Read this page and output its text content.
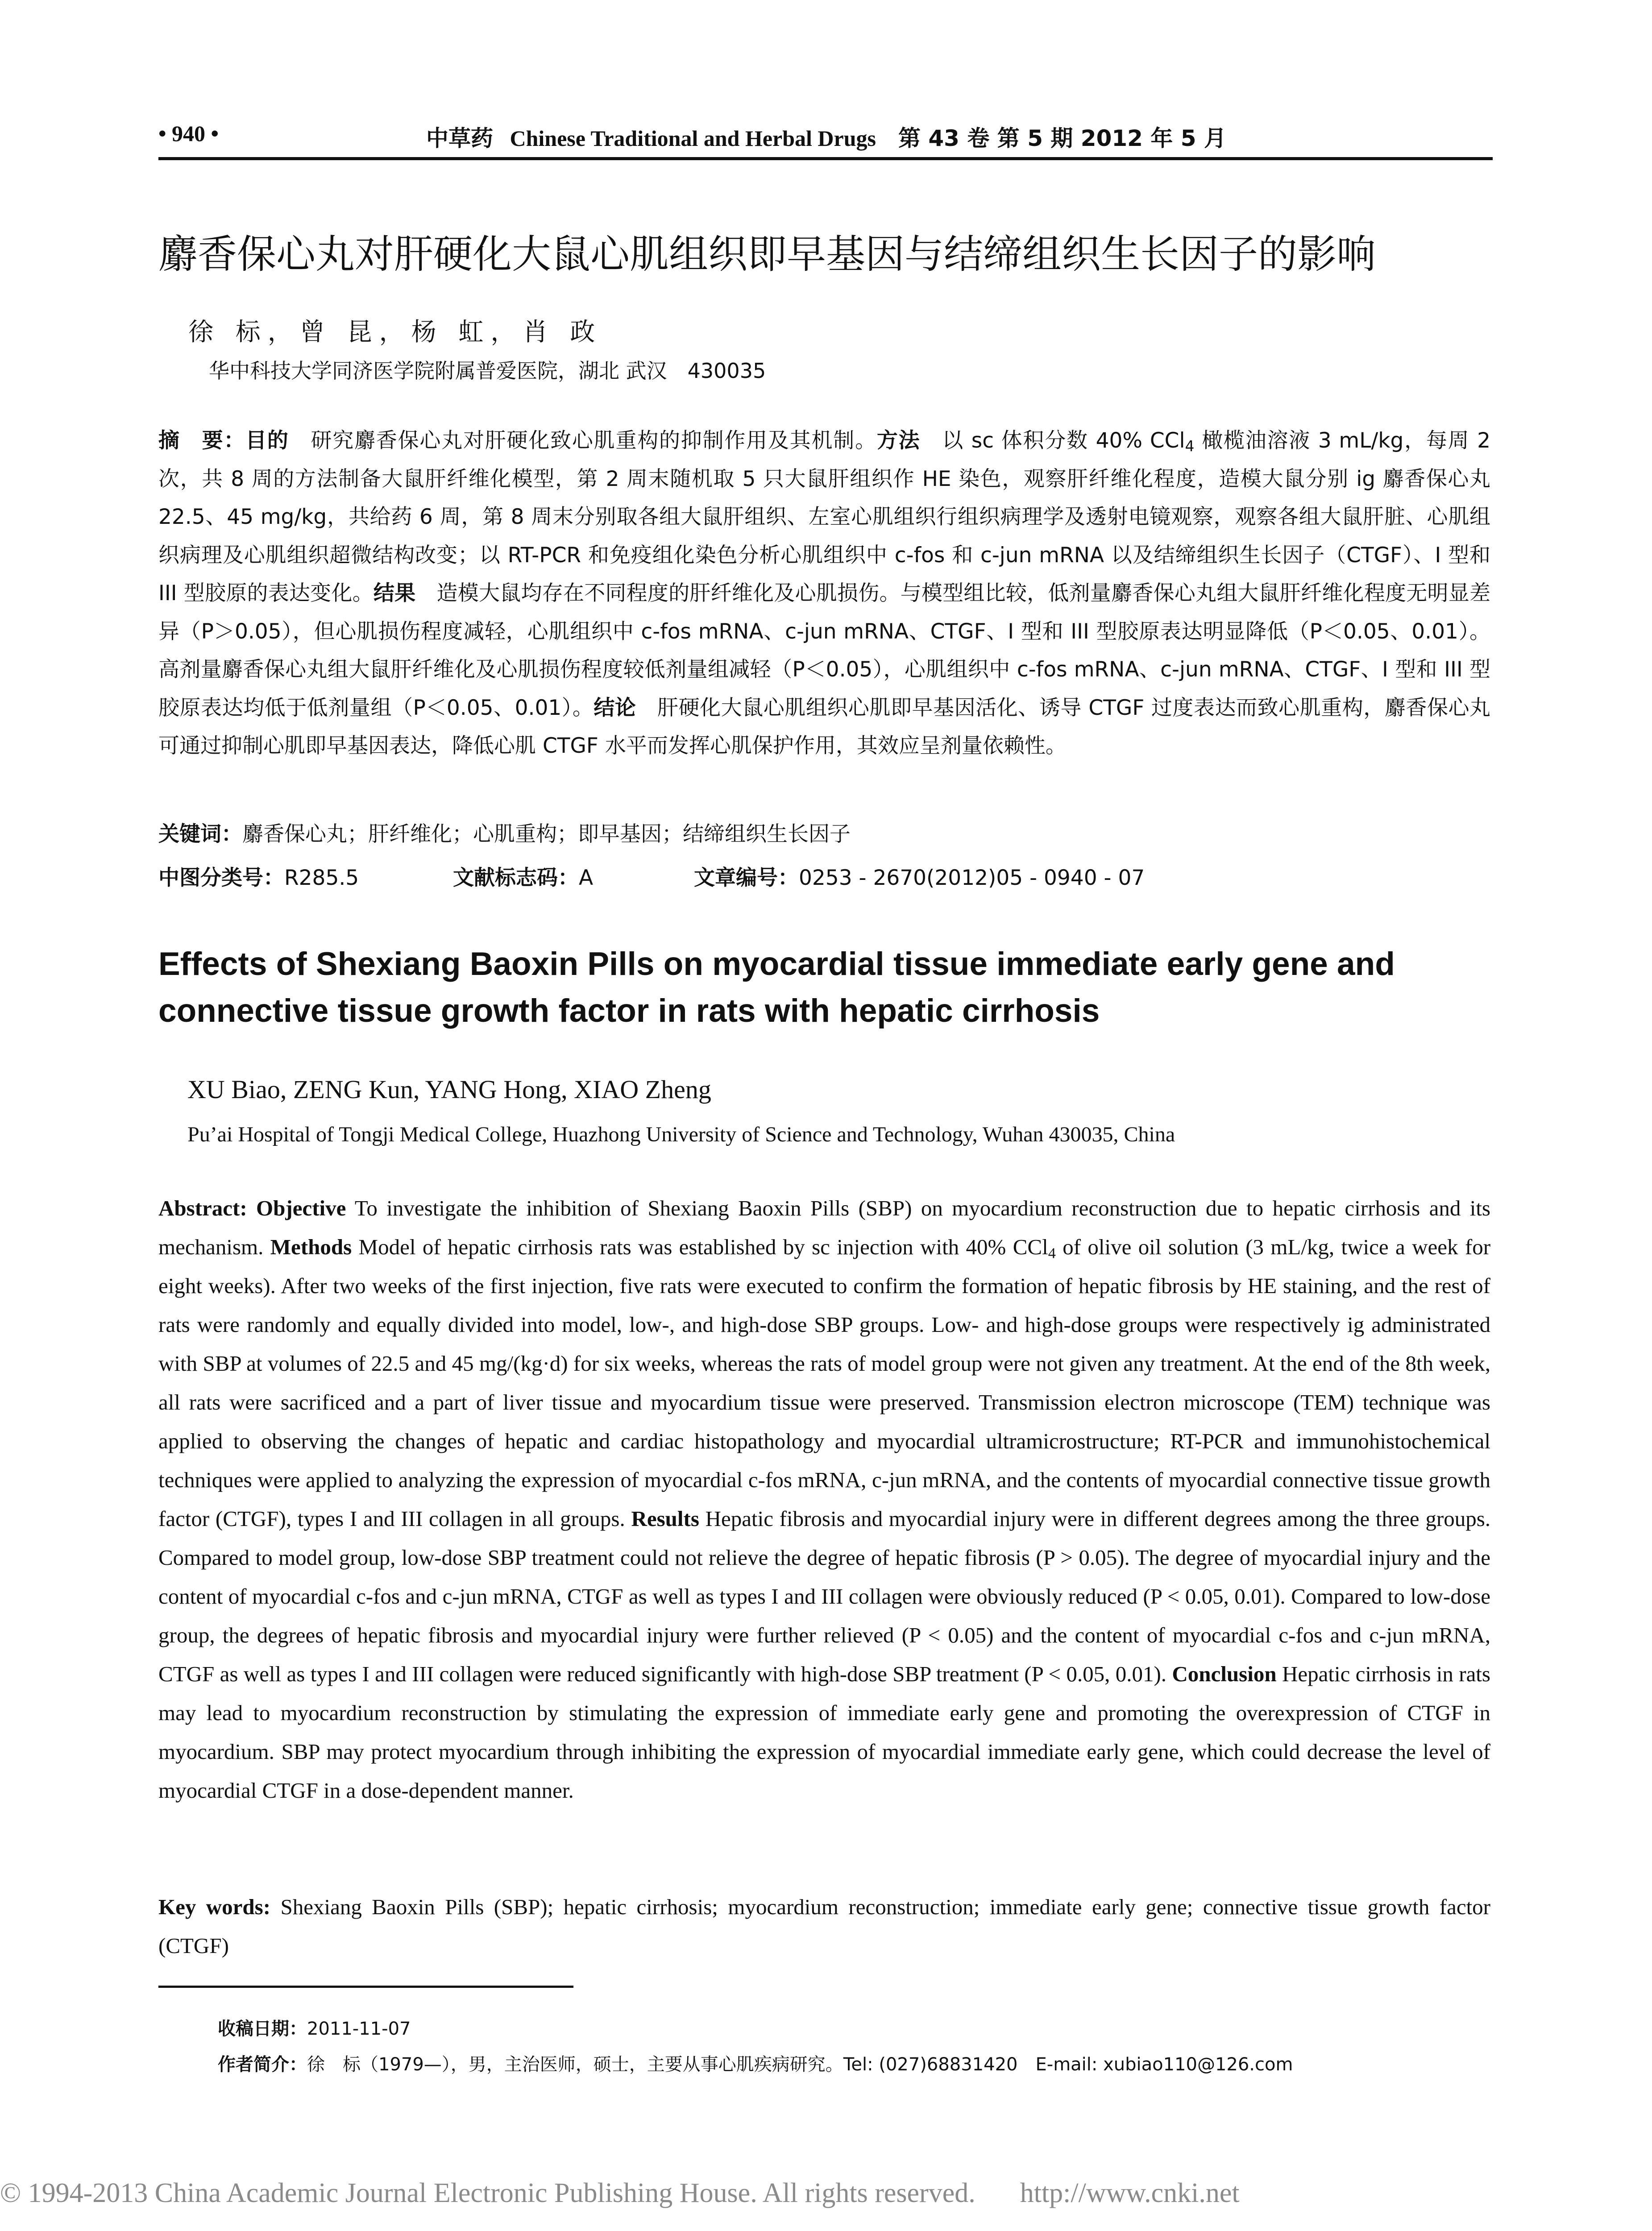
• 940 •	中草药 Chinese Traditional and Herbal Drugs 第 43 卷 第 5 期 2012 年 5 月
麝香保心丸对肝硬化大鼠心肌组织即早基因与结缔组织生长因子的影响
徐 标，曾 昆，杨 虹，肖 政
华中科技大学同济医学院附属普爱医院，湖北 武汉　430035
摘　要：目的　研究麝香保心丸对肝硬化致心肌重构的抑制作用及其机制。方法　以 sc 体积分数 40% CCl$_4$ 橄榄油溶液 3 mL/kg，每周 2 次，共 8 周的方法制备大鼠肝纤维化模型，第 2 周末随机取 5 只大鼠肝组织作 HE 染色，观察肝纤维化程度，造模大鼠分别 ig 麝香保心丸 22.5、45 mg/kg，共给药 6 周，第 8 周末分别取各组大鼠肝组织、左室心肌组织行组织病理学及透射电镜观察，观察各组大鼠肝脏、心肌组织病理及心肌组织超微结构改变；以 RT-PCR 和免疫组化染色分析心肌组织中 c-fos 和 c-jun mRNA 以及结缔组织生长因子（CTGF）、I 型和 III 型胶原的表达变化。结果　造模大鼠均存在不同程度的肝纤维化及心肌损伤。与模型组比较，低剂量麝香保心丸组大鼠肝纤维化程度无明显差异（P＞0.05），但心肌损伤程度减轻，心肌组织中 c-fos mRNA、c-jun mRNA、CTGF、I 型和 III 型胶原表达明显降低（P＜0.05、0.01）。高剂量麝香保心丸组大鼠肝纤维化及心肌损伤程度较低剂量组减轻（P＜0.05），心肌组织中 c-fos mRNA、c-jun mRNA、CTGF、I 型和 III 型胶原表达均低于低剂量组（P＜0.05、0.01）。结论　肝硬化大鼠心肌组织心肌即早基因活化、诱导 CTGF 过度表达而致心肌重构，麝香保心丸可通过抑制心肌即早基因表达，降低心肌 CTGF 水平而发挥心肌保护作用，其效应呈剂量依赖性。
关键词：麝香保心丸；肝纤维化；心肌重构；即早基因；结缔组织生长因子
中图分类号：R285.5	文献标志码：A	文章编号：0253 - 2670(2012)05 - 0940 - 07
Effects of Shexiang Baoxin Pills on myocardial tissue immediate early gene and connective tissue growth factor in rats with hepatic cirrhosis
XU Biao, ZENG Kun, YANG Hong, XIAO Zheng
Pu’ai Hospital of Tongji Medical College, Huazhong University of Science and Technology, Wuhan 430035, China
Abstract: Objective To investigate the inhibition of Shexiang Baoxin Pills (SBP) on myocardium reconstruction due to hepatic cirrhosis and its mechanism. Methods Model of hepatic cirrhosis rats was established by sc injection with 40% CCl$_4$ of olive oil solution (3 mL/kg, twice a week for eight weeks). After two weeks of the first injection, five rats were executed to confirm the formation of hepatic fibrosis by HE staining, and the rest of rats were randomly and equally divided into model, low-, and high-dose SBP groups. Low- and high-dose groups were respectively ig administrated with SBP at volumes of 22.5 and 45 mg/(kg·d) for six weeks, whereas the rats of model group were not given any treatment. At the end of the 8th week, all rats were sacrificed and a part of liver tissue and myocardium tissue were preserved. Transmission electron microscope (TEM) technique was applied to observing the changes of hepatic and cardiac histopathology and myocardial ultramicrostructure; RT-PCR and immunohistochemical techniques were applied to analyzing the expression of myocardial c-fos mRNA, c-jun mRNA, and the contents of myocardial connective tissue growth factor (CTGF), types I and III collagen in all groups. Results Hepatic fibrosis and myocardial injury were in different degrees among the three groups. Compared to model group, low-dose SBP treatment could not relieve the degree of hepatic fibrosis (P > 0.05). The degree of myocardial injury and the content of myocardial c-fos and c-jun mRNA, CTGF as well as types I and III collagen were obviously reduced (P < 0.05, 0.01). Compared to low-dose group, the degrees of hepatic fibrosis and myocardial injury were further relieved (P < 0.05) and the content of myocardial c-fos and c-jun mRNA, CTGF as well as types I and III collagen were reduced significantly with high-dose SBP treatment (P < 0.05, 0.01). Conclusion Hepatic cirrhosis in rats may lead to myocardium reconstruction by stimulating the expression of immediate early gene and promoting the overexpression of CTGF in myocardium. SBP may protect myocardium through inhibiting the expression of myocardial immediate early gene, which could decrease the level of myocardial CTGF in a dose-dependent manner.
Key words: Shexiang Baoxin Pills (SBP); hepatic cirrhosis; myocardium reconstruction; immediate early gene; connective tissue growth factor (CTGF)
收稿日期：2011-11-07
作者简介：徐　标（1979—），男，主治医师，硕士，主要从事心肌疾病研究。Tel: (027)68831420　E-mail: xubiao110@126.com
© 1994-2013 China Academic Journal Electronic Publishing House. All rights reserved. http://www.cnki.net
